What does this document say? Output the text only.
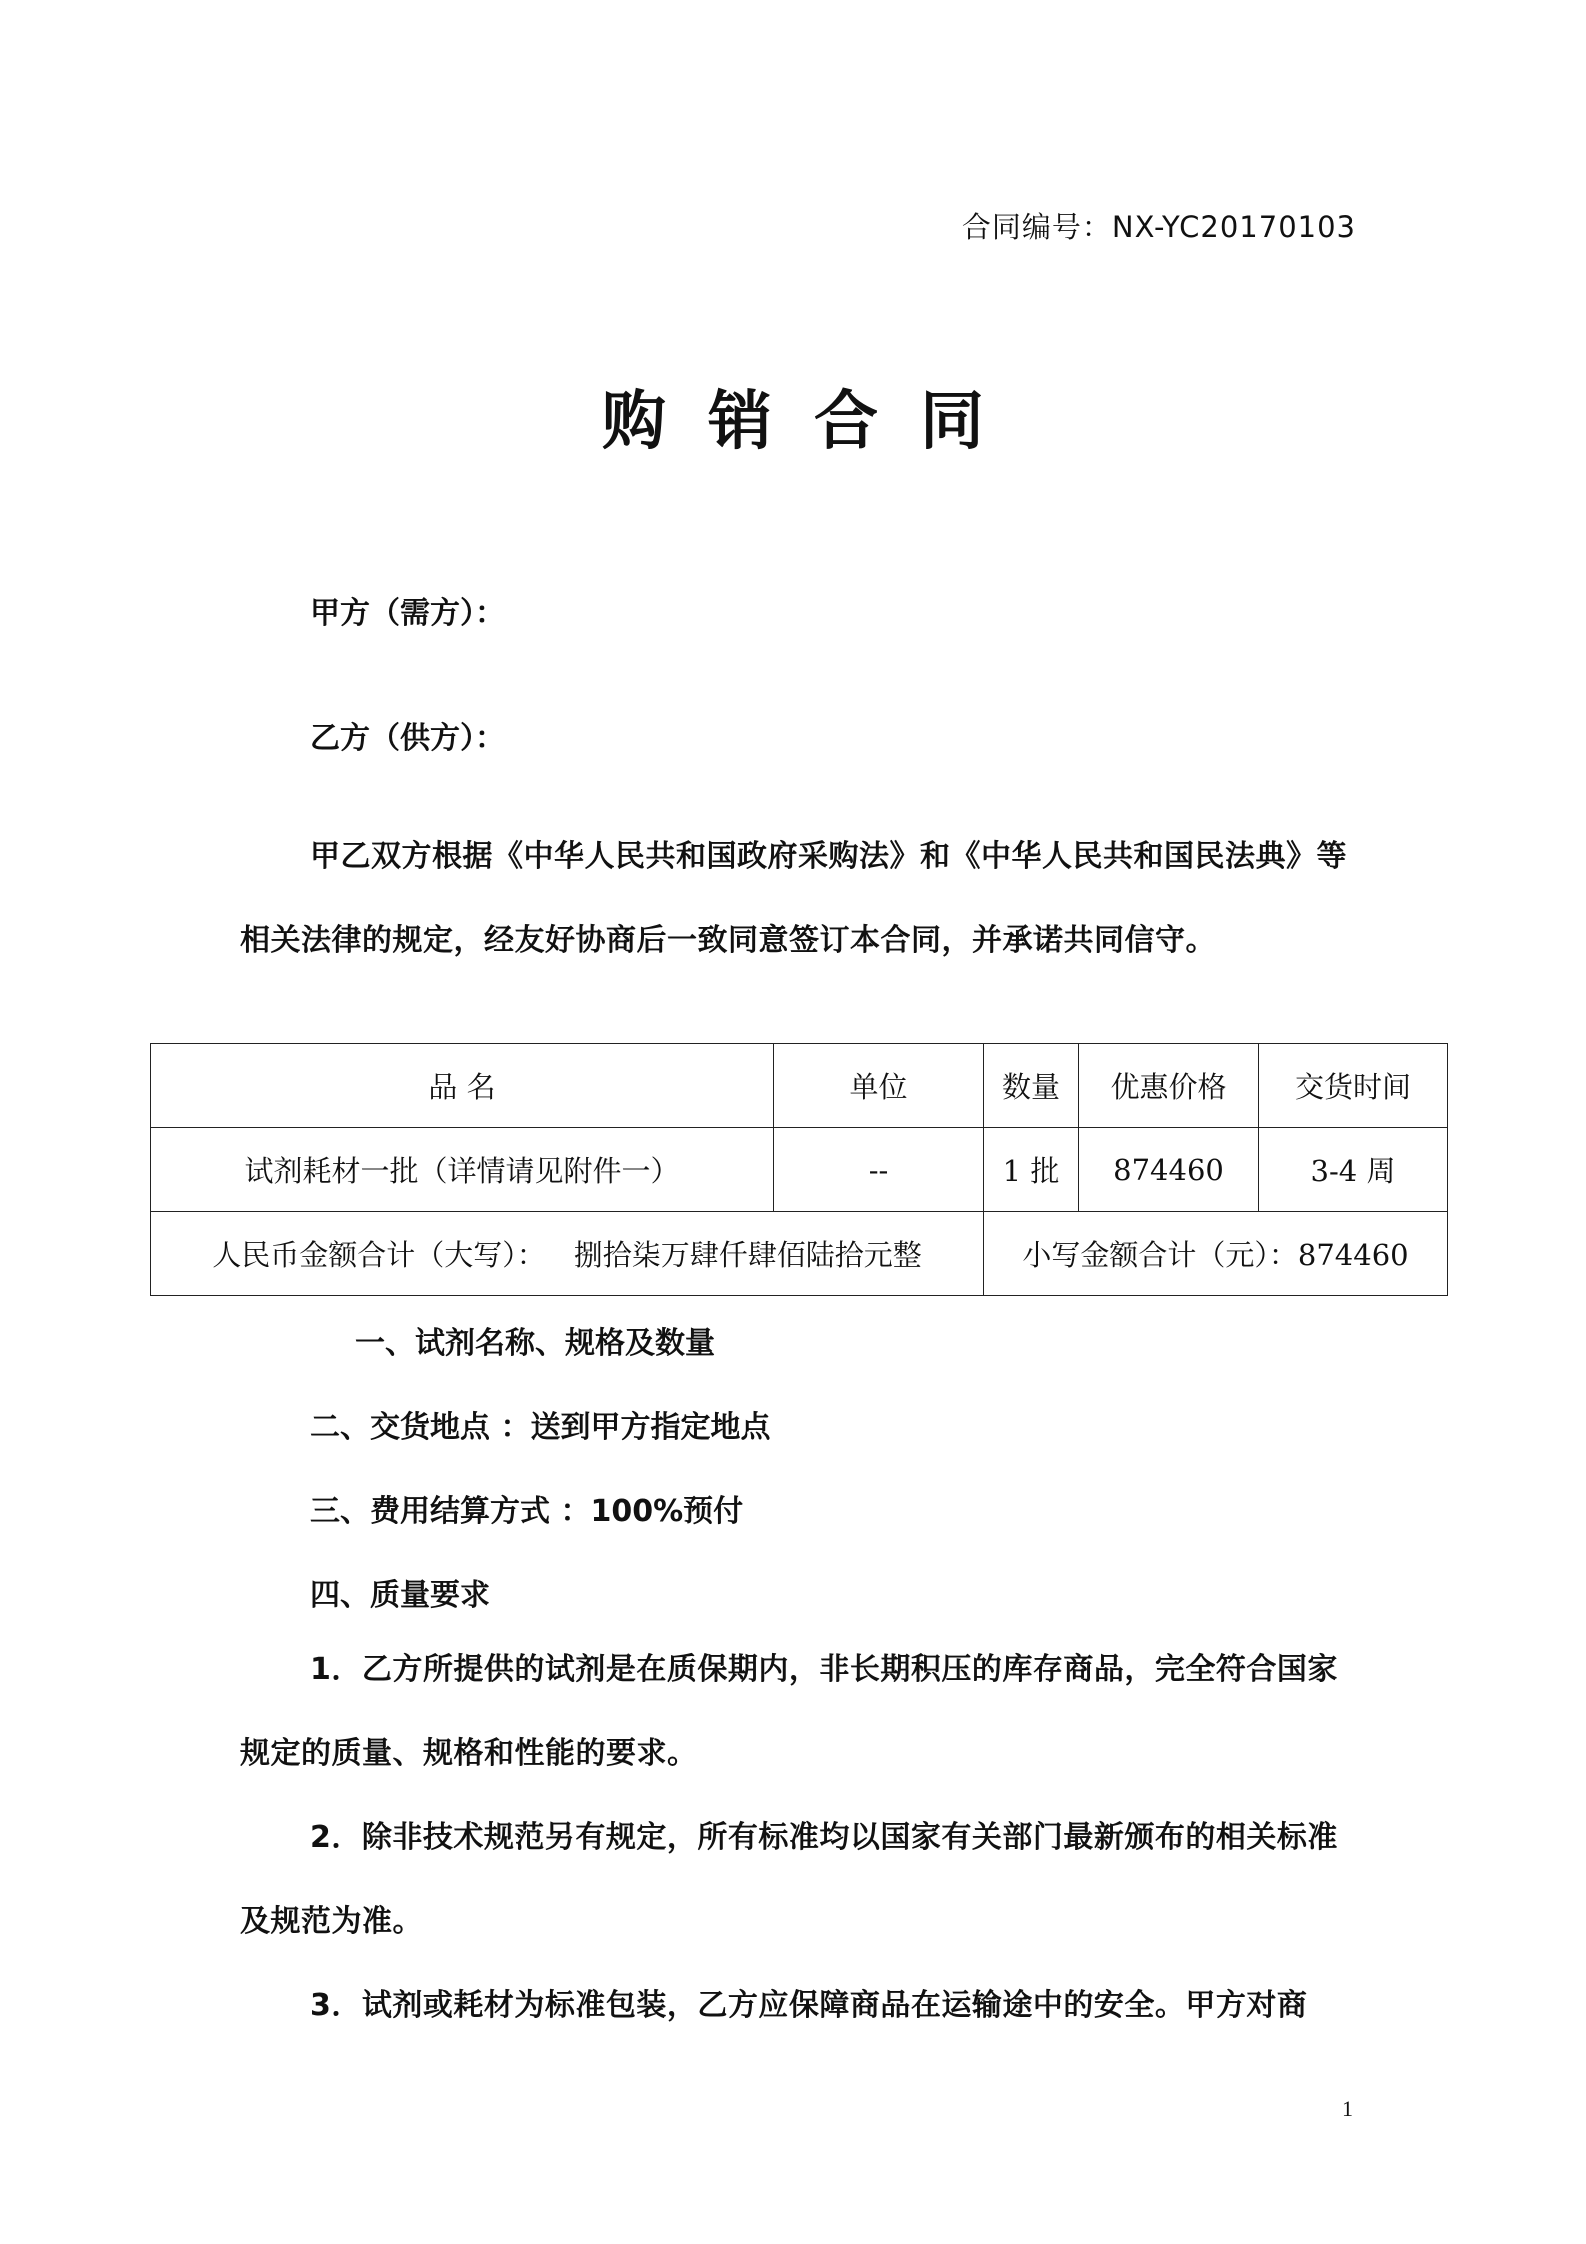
合同编号：NX-YC20170103
购销合同
甲方（需方）：
乙方（供方）：
甲乙双方根据《中华人民共和国政府采购法》和《中华人民共和国民法典》等相关法律的规定，经友好协商后一致同意签订本合同，并承诺共同信守。
品 名	单位	数量	优惠价格	交货时间
试剂耗材一批（详情请见附件一）	--	1 批	874460	3-4 周
人民币金额合计（大写）： 捌拾柒万肆仟肆佰陆拾元整		小写金额合计（元）：874460		
一、试剂名称、规格及数量
二、交货地点 ：送到甲方指定地点
三、费用结算方式 ：100%预付
四、质量要求
1．乙方所提供的试剂是在质保期内，非长期积压的库存商品，完全符合国家规定的质量、规格和性能的要求。
2．除非技术规范另有规定，所有标准均以国家有关部门最新颁布的相关标准及规范为准。
3．试剂或耗材为标准包装，乙方应保障商品在运输途中的安全。甲方对商
1
